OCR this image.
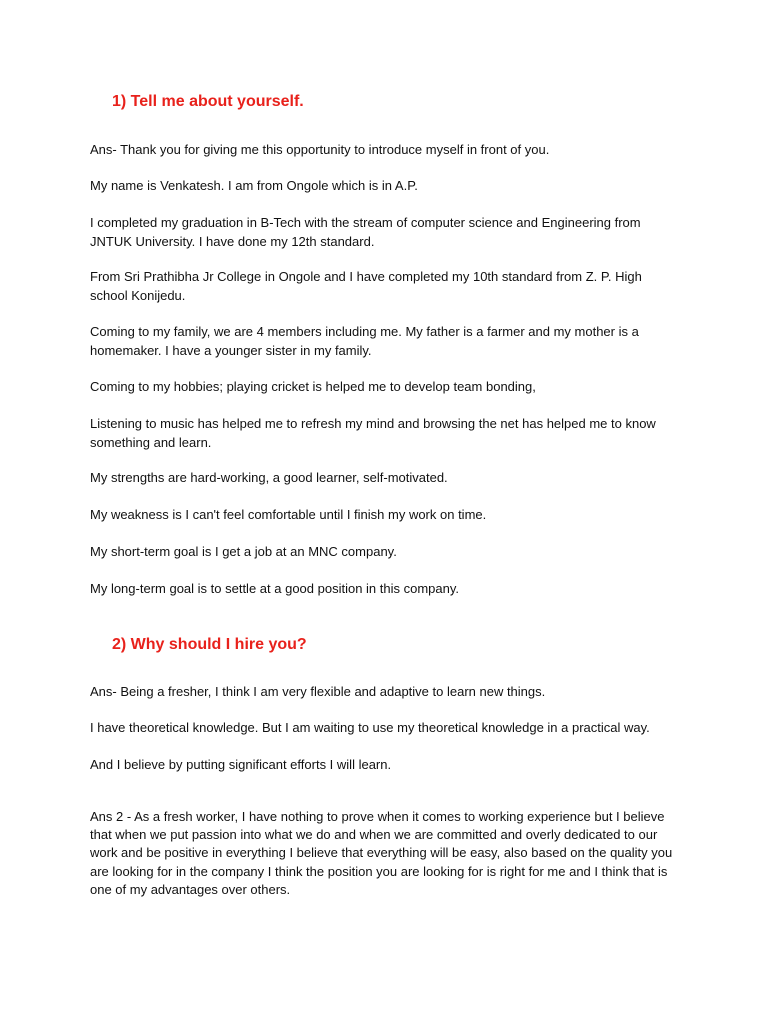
1) Tell me about yourself.

Ans- Thank you for giving me this opportunity to introduce myself in front of you.

My name is Venkatesh. I am from Ongole which is in A.P.

I completed my graduation in B-Tech with the stream of computer science and Engineering from JNTUK University. I have done my 12th standard.

From Sri Prathibha Jr College in Ongole and I have completed my 10th standard from Z. P. High school Konijedu.

Coming to my family, we are 4 members including me. My father is a farmer and my mother is a homemaker. I have a younger sister in my family.

Coming to my hobbies; playing cricket is helped me to develop team bonding,

Listening to music has helped me to refresh my mind and browsing the net has helped me to know something and learn.

My strengths are hard-working, a good learner, self-motivated.

My weakness is I can't feel comfortable until I finish my work on time.

My short-term goal is I get a job at an MNC company.

My long-term goal is to settle at a good position in this company.

2) Why should I hire you?

Ans- Being a fresher, I think I am very flexible and adaptive to learn new things.

I have theoretical knowledge. But I am waiting to use my theoretical knowledge in a practical way.

And I believe by putting significant efforts I will learn.

Ans 2 - As a fresh worker, I have nothing to prove when it comes to working experience but I believe that when we put passion into what we do and when we are committed and overly dedicated to our work and be positive in everything I believe that everything will be easy, also based on the quality you are looking for in the company I think the position you are looking for is right for me and I think that is one of my advantages over others.
